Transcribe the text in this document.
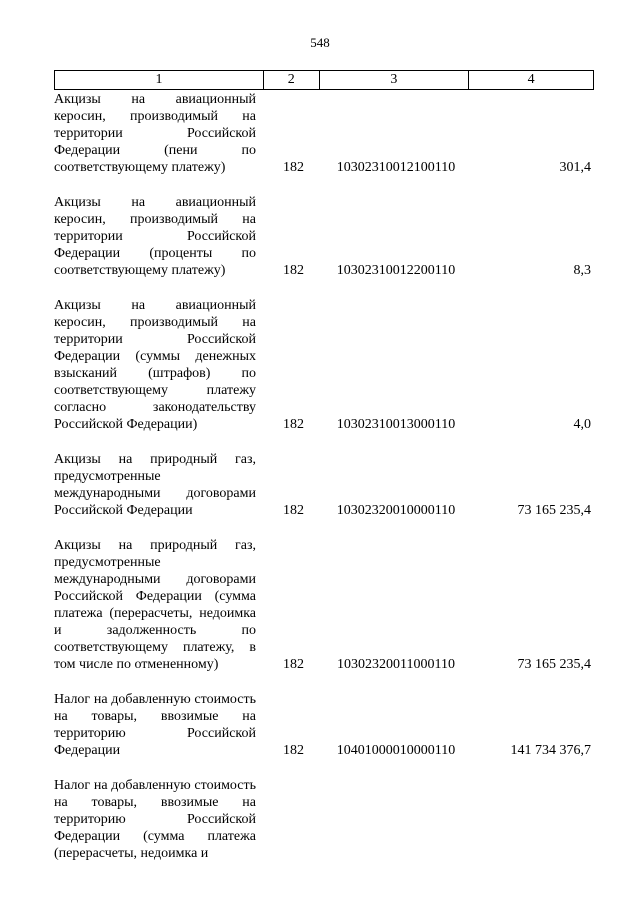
548
1	2	3	4
Акцизы на авиационный керосин, производимый на территории Российской Федерации (пени по соответствующему платежу)	182	10302310012100110	301,4
Акцизы на авиационный керосин, производимый на территории Российской Федерации (проценты по соответствующему платежу)	182	10302310012200110	8,3
Акцизы на авиационный керосин, производимый на территории Российской Федерации (суммы денежных взысканий (штрафов) по соответствующему платежу согласно законодательству Российской Федерации)	182	10302310013000110	4,0
Акцизы на природный газ, предусмотренные международными договорами Российской Федерации	182	10302320010000110	73 165 235,4
Акцизы на природный газ, предусмотренные международными договорами Российской Федерации (сумма платежа (перерасчеты, недоимка и задолженность по соответствующему платежу, в том числе по отмененному)	182	10302320011000110	73 165 235,4
Налог на добавленную стоимость на товары, ввозимые на территорию Российской Федерации	182	10401000010000110	141 734 376,7
Налог на добавленную стоимость на товары, ввозимые на территорию Российской Федерации (сумма платежа (перерасчеты, недоимка и
